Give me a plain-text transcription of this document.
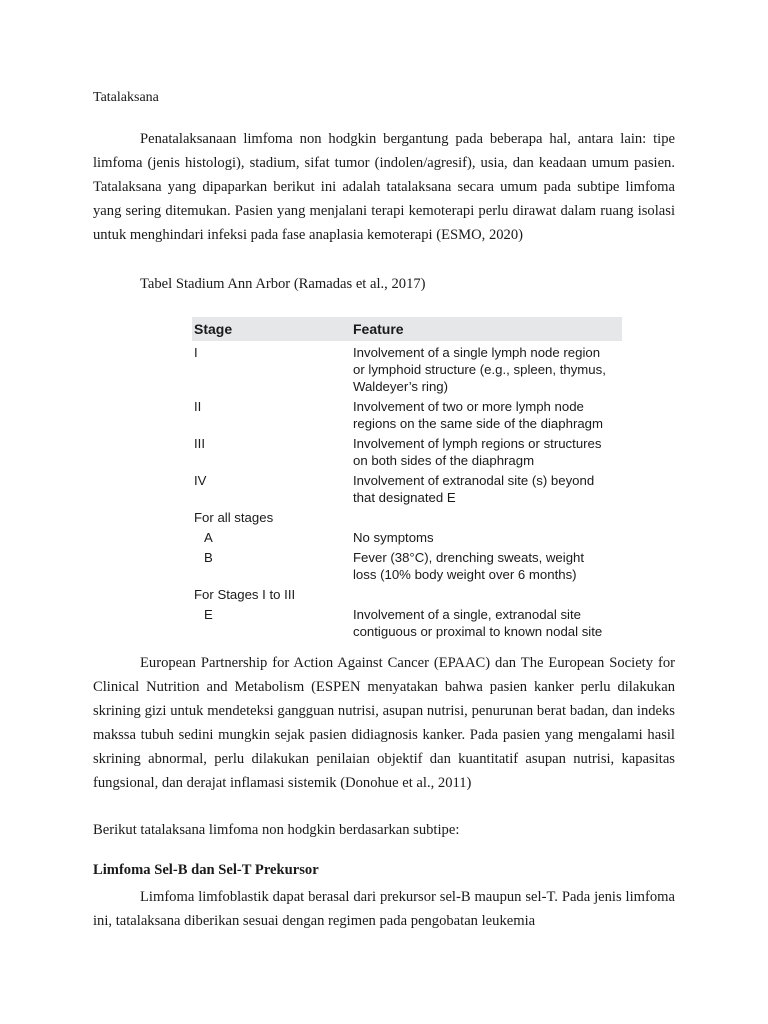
Tatalaksana

Penatalaksanaan limfoma non hodgkin bergantung pada beberapa hal, antara lain: tipe limfoma (jenis histologi), stadium, sifat tumor (indolen/agresif), usia, dan keadaan umum pasien. Tatalaksana yang dipaparkan berikut ini adalah tatalaksana secara umum pada subtipe limfoma yang sering ditemukan. Pasien yang menjalani terapi kemoterapi perlu dirawat dalam ruang isolasi untuk menghindari infeksi pada fase anaplasia kemoterapi (ESMO, 2020)

Tabel Stadium Ann Arbor (Ramadas et al., 2017)

Stage	Feature
I	Involvement of a single lymph node region
or lymphoid structure (e.g., spleen, thymus,
Waldeyer’s ring)
II	Involvement of two or more lymph node
regions on the same side of the diaphragm
III	Involvement of lymph regions or structures
on both sides of the diaphragm
IV	Involvement of extranodal site (s) beyond
that designated E
For all stages
A	No symptoms
B	Fever (38°C), drenching sweats, weight
loss (10% body weight over 6 months)
For Stages I to III
E	Involvement of a single, extranodal site
contiguous or proximal to known nodal site

European Partnership for Action Against Cancer (EPAAC) dan The European Society for Clinical Nutrition and Metabolism (ESPEN menyatakan bahwa pasien kanker perlu dilakukan skrining gizi untuk mendeteksi gangguan nutrisi, asupan nutrisi, penurunan berat badan, dan indeks makssa tubuh sedini mungkin sejak pasien didiagnosis kanker. Pada pasien yang mengalami hasil skrining abnormal, perlu dilakukan penilaian objektif dan kuantitatif asupan nutrisi, kapasitas fungsional, dan derajat inflamasi sistemik (Donohue et al., 2011)

Berikut tatalaksana limfoma non hodgkin berdasarkan subtipe:

Limfoma Sel-B dan Sel-T Prekursor

Limfoma limfoblastik dapat berasal dari prekursor sel-B maupun sel-T. Pada jenis limfoma ini, tatalaksana diberikan sesuai dengan regimen pada pengobatan leukemia
